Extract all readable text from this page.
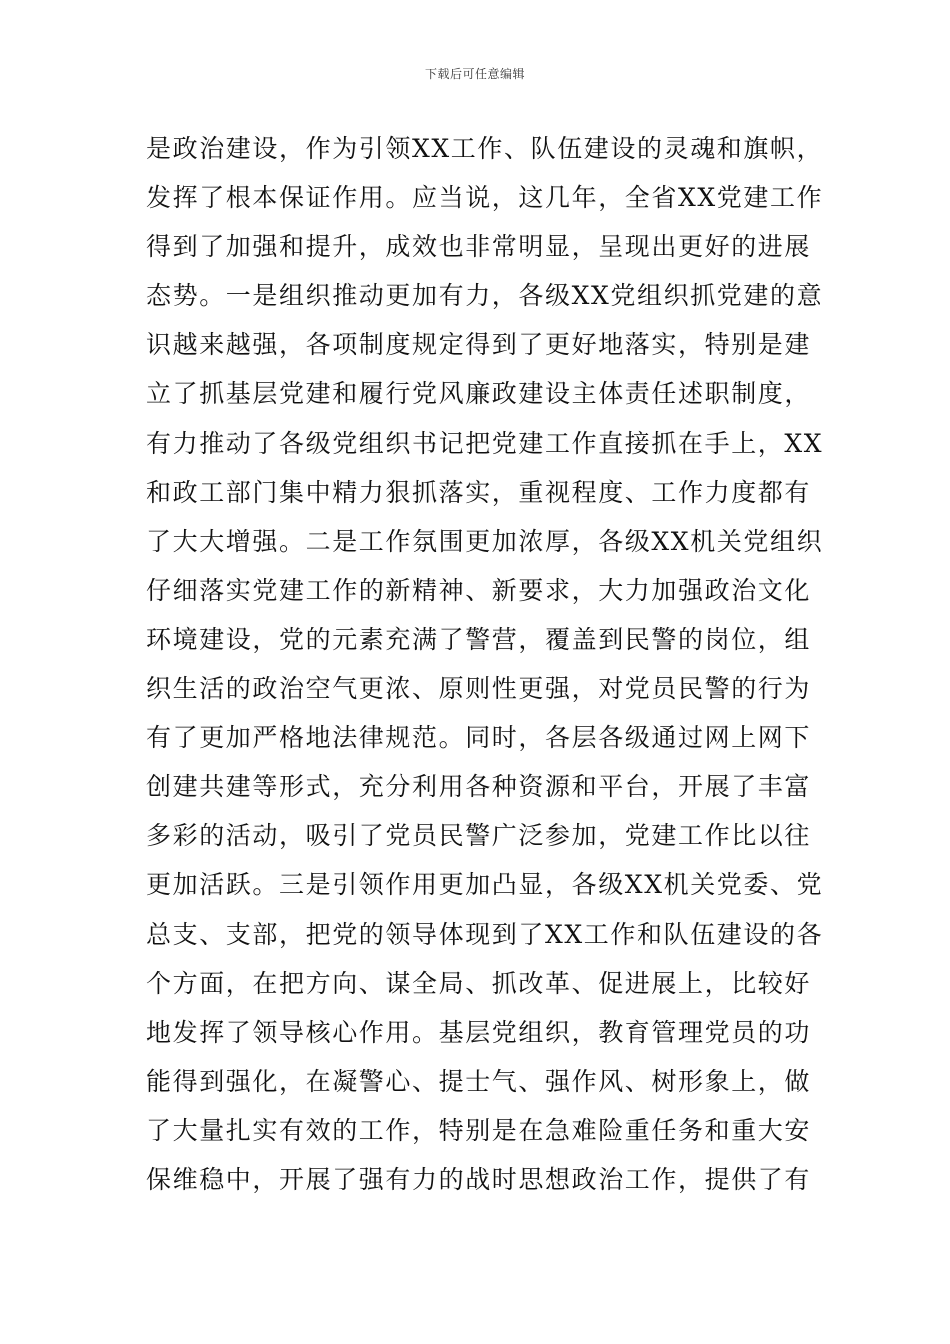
下载后可任意编辑
是政治建设，作为引领XX工作、队伍建设的灵魂和旗帜，
发挥了根本保证作用。应当说，这几年，全省XX党建工作
得到了加强和提升，成效也非常明显，呈现出更好的进展
态势。一是组织推动更加有力，各级XX党组织抓党建的意
识越来越强，各项制度规定得到了更好地落实，特别是建
立了抓基层党建和履行党风廉政建设主体责任述职制度，
有力推动了各级党组织书记把党建工作直接抓在手上，XX
和政工部门集中精力狠抓落实，重视程度、工作力度都有
了大大增强。二是工作氛围更加浓厚，各级XX机关党组织
仔细落实党建工作的新精神、新要求，大力加强政治文化
环境建设，党的元素充满了警营，覆盖到民警的岗位，组
织生活的政治空气更浓、原则性更强，对党员民警的行为
有了更加严格地法律规范。同时，各层各级通过网上网下
创建共建等形式，充分利用各种资源和平台，开展了丰富
多彩的活动，吸引了党员民警广泛参加，党建工作比以往
更加活跃。三是引领作用更加凸显，各级XX机关党委、党
总支、支部，把党的领导体现到了XX工作和队伍建设的各
个方面，在把方向、谋全局、抓改革、促进展上，比较好
地发挥了领导核心作用。基层党组织，教育管理党员的功
能得到强化，在凝警心、提士气、强作风、树形象上，做
了大量扎实有效的工作，特别是在急难险重任务和重大安
保维稳中，开展了强有力的战时思想政治工作，提供了有
